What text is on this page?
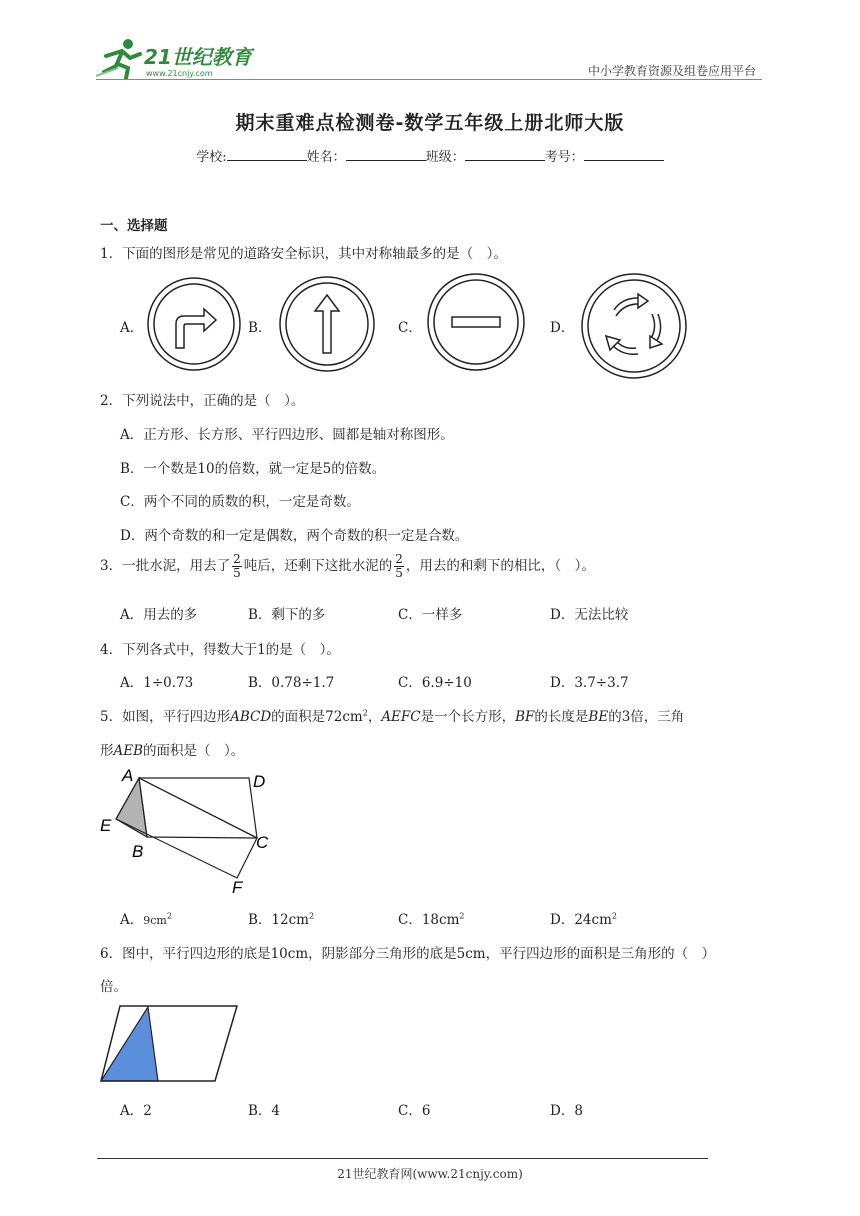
21世纪教育
www.21cnjy.com	中小学教育资源及组卷应用平台
期末重难点检测卷-数学五年级上册北师大版
学校:	姓名：	班级：	考号：
一、选择题
1．下面的图形是常见的道路安全标识，其中对称轴最多的是（　）。
A．	B．	C．	D．
2．下列说法中，正确的是（　）。
A．正方形、长方形、平行四边形、圆都是轴对称图形。
B．一个数是10的倍数，就一定是5的倍数。
C．两个不同的质数的积，一定是奇数。
D．两个奇数的和一定是偶数，两个奇数的积一定是合数。
3．一批水泥，用去了 $\frac{2}{5}$ 吨后，还剩下这批水泥的 $\frac{2}{5}$ ，用去的和剩下的相比，（　）。
A．用去的多	B．剩下的多	C．一样多	D．无法比较
4．下列各式中，得数大于1的是（　）。
A．1÷0.73	B．0.78÷1.7	C．6.9÷10	D．3.7÷3.7
5．如图，平行四边形ABCD的面积是$72cm^2$，AEFC是一个长方形，BF的长度是BE的3倍，三角
形AEB的面积是（　）。
A	D
E
B	C
F
A．$9cm^2$	B．$12cm^2$	C．$18cm^2$	D．$24cm^2$
6．图中，平行四边形的底是10cm，阴影部分三角形的底是5cm，平行四边形的面积是三角形的（　）
倍。
A．2	B．4	C．6	D．8
21世纪教育网(www.21cnjy.com)
